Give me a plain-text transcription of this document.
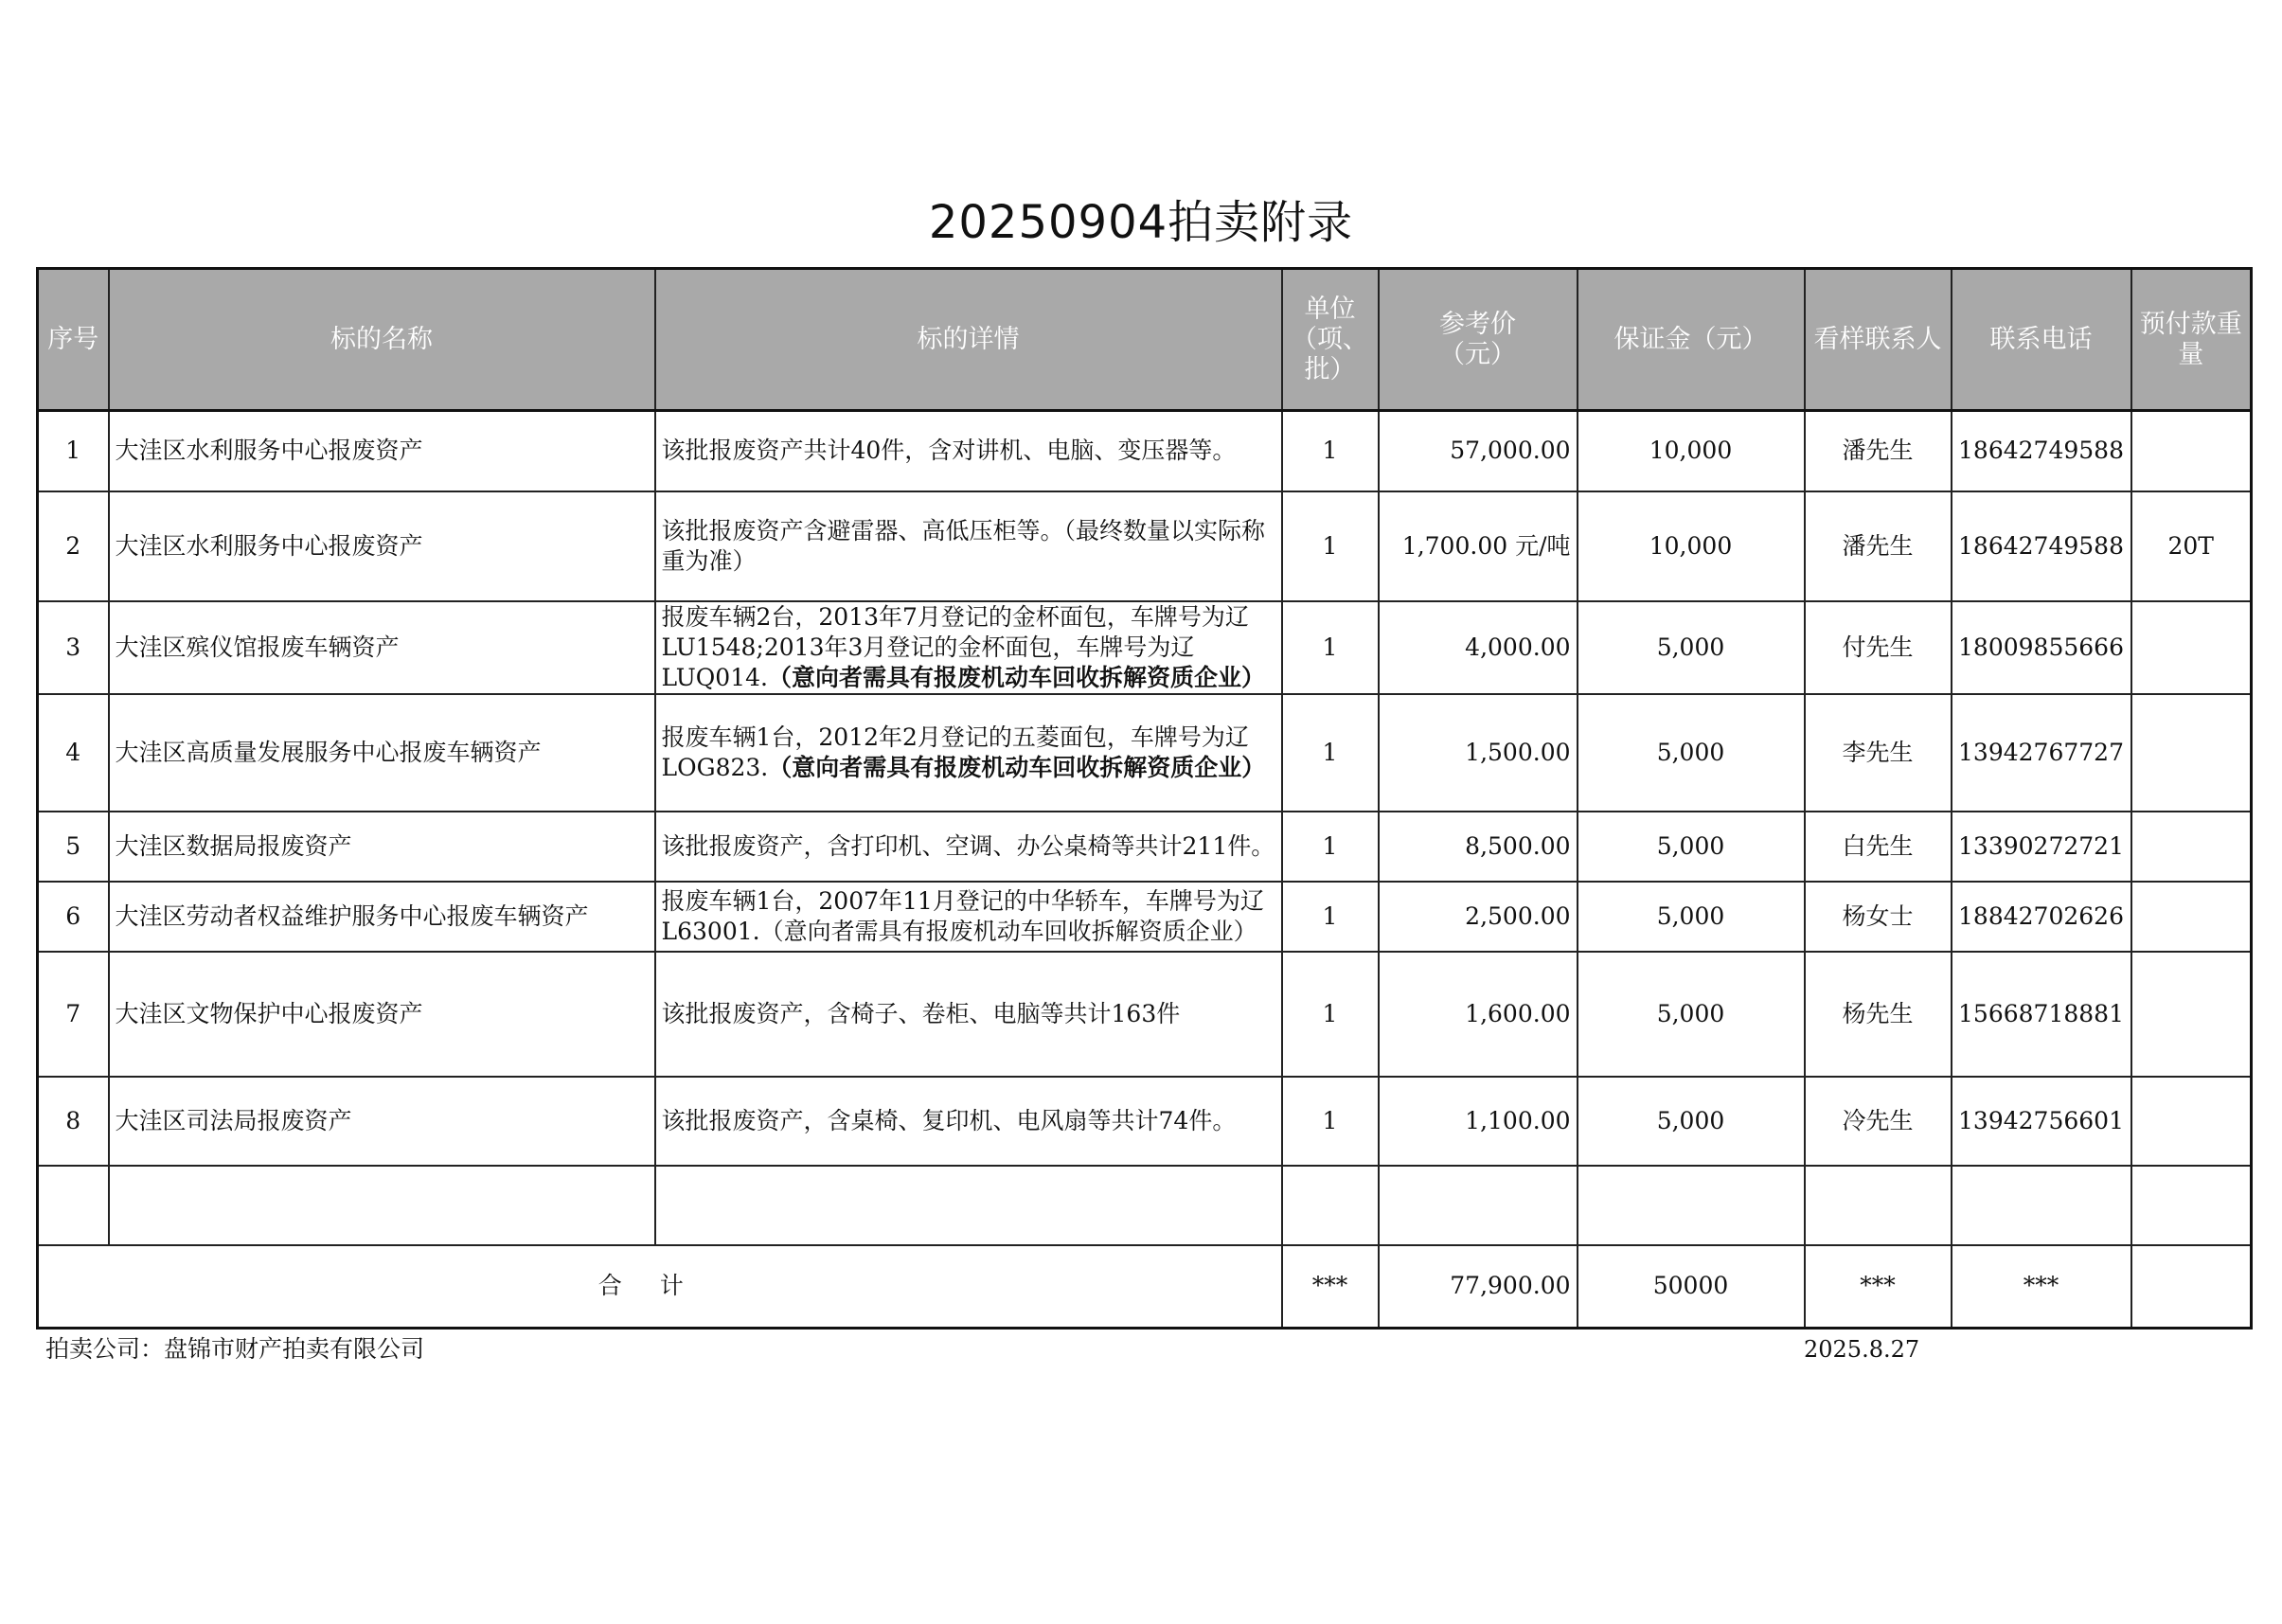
20250904拍卖附录
序号	标的名称	标的详情	单位（项、批）	参考价（元）	保证金（元）	看样联系人	联系电话	预付款重量
1	大洼区水利服务中心报废资产	该批报废资产共计40件，含对讲机、电脑、变压器等。	1	57,000.00	10,000	潘先生	18642749588	
2	大洼区水利服务中心报废资产	该批报废资产含避雷器、高低压柜等。（最终数量以实际称重为准）	1	1,700.00 元/吨	10,000	潘先生	18642749588	20T
3	大洼区殡仪馆报废车辆资产	报废车辆2台，2013年7月登记的金杯面包，车牌号为辽LU1548;2013年3月登记的金杯面包，车牌号为辽LUQ014.（意向者需具有报废机动车回收拆解资质企业）	1	4,000.00	5,000	付先生	18009855666	
4	大洼区高质量发展服务中心报废车辆资产	报废车辆1台，2012年2月登记的五菱面包，车牌号为辽LOG823.（意向者需具有报废机动车回收拆解资质企业）	1	1,500.00	5,000	李先生	13942767727	
5	大洼区数据局报废资产	该批报废资产，含打印机、空调、办公桌椅等共计211件。	1	8,500.00	5,000	白先生	13390272721	
6	大洼区劳动者权益维护服务中心报废车辆资产	报废车辆1台，2007年11月登记的中华轿车，车牌号为辽L63001.（意向者需具有报废机动车回收拆解资质企业）	1	2,500.00	5,000	杨女士	18842702626	
7	大洼区文物保护中心报废资产	该批报废资产，含椅子、卷柜、电脑等共计163件	1	1,600.00	5,000	杨先生	15668718881	
8	大洼区司法局报废资产	该批报废资产，含桌椅、复印机、电风扇等共计74件。	1	1,100.00	5,000	冷先生	13942756601	

合计			***	77,900.00	50000	***	***	
拍卖公司：盘锦市财产拍卖有限公司	2025.8.27
